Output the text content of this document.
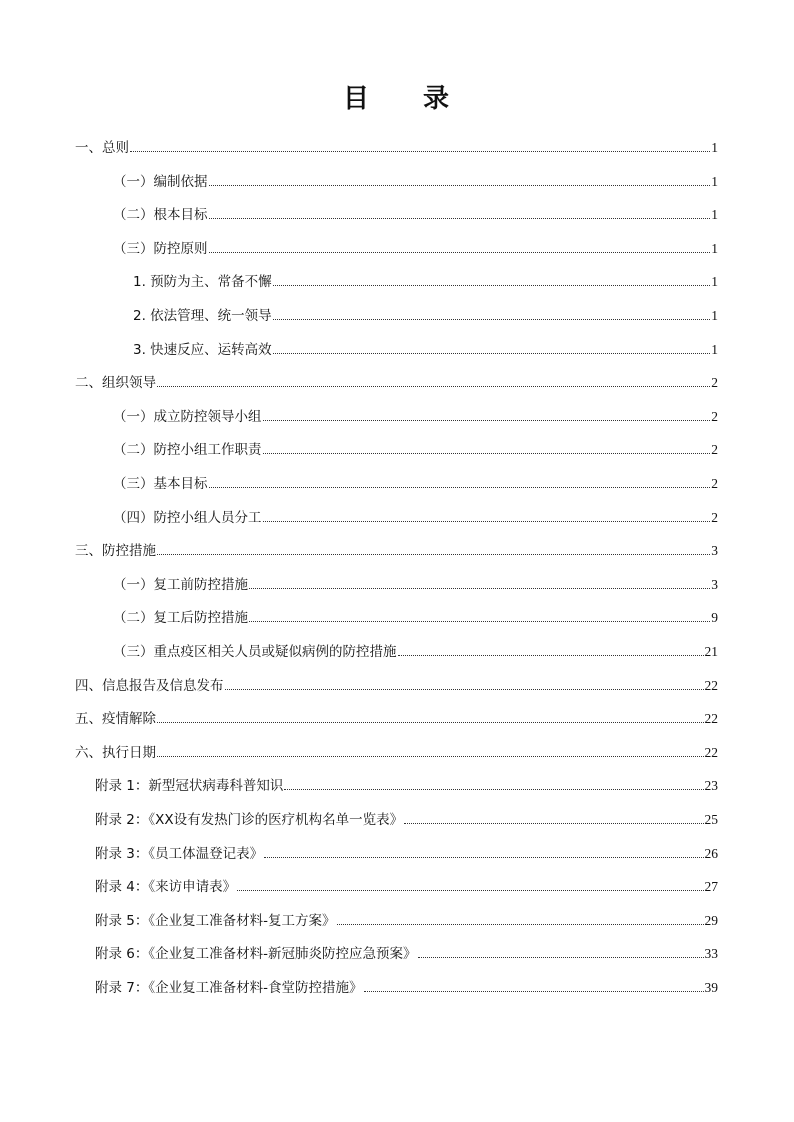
目 录
一、总则	1
（一）编制依据	1
（二）根本目标	1
（三）防控原则	1
1. 预防为主、常备不懈	1
2. 依法管理、统一领导	1
3. 快速反应、运转高效	1
二、组织领导	2
（一）成立防控领导小组	2
（二）防控小组工作职责	2
（三）基本目标	2
（四）防控小组人员分工	2
三、防控措施	3
（一）复工前防控措施	3
（二）复工后防控措施	9
（三）重点疫区相关人员或疑似病例的防控措施	21
四、信息报告及信息发布	22
五、疫情解除	22
六、执行日期	22
附录 1：新型冠状病毒科普知识	23
附录 2：《XX设有发热门诊的医疗机构名单一览表》	25
附录 3：《员工体温登记表》	26
附录 4：《来访申请表》	27
附录 5：《企业复工准备材料-复工方案》	29
附录 6：《企业复工准备材料-新冠肺炎防控应急预案》	33
附录 7：《企业复工准备材料-食堂防控措施》	39
